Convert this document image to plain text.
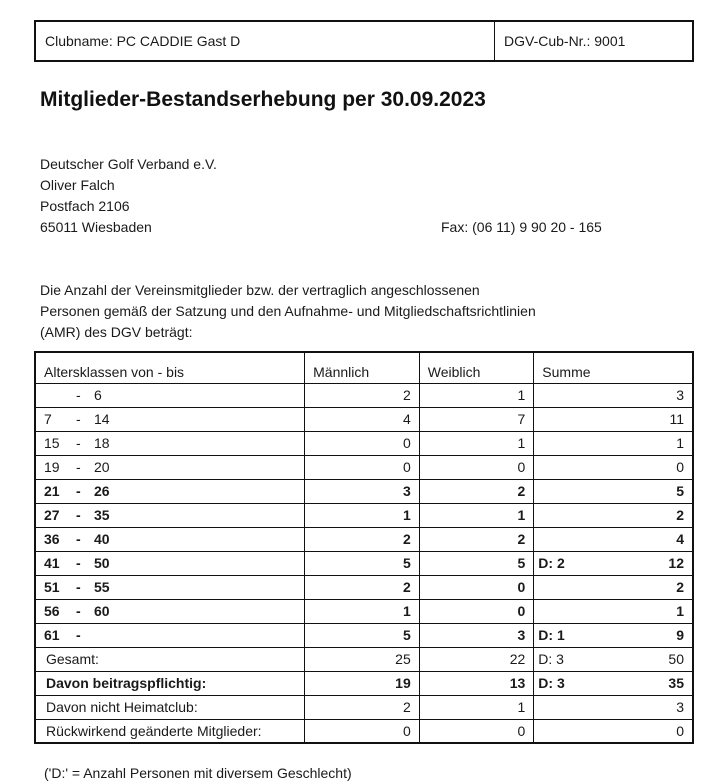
Clubname: PC CADDIE Gast D	DGV-Cub-Nr.: 9001
Mitglieder-Bestandserhebung per 30.09.2023
Deutscher Golf Verband e.V.
Oliver Falch
Postfach 2106
65011 Wiesbaden	Fax: (06 11) 9 90 20 - 165
Die Anzahl der Vereinsmitglieder bzw. der vertraglich angeschlossenen
Personen gemäß der Satzung und den Aufnahme- und Mitgliedschaftsrichtlinien
(AMR) des DGV beträgt:
Altersklassen von - bis	Männlich	Weiblich	Summe
- 6	2	1	3

7 - 14	4	7	11

15 - 18	0	1	1

19 - 20	0	0	0

21 - 26	3	2	5

27 - 35	1	1	2

36 - 40	2	2	4

41 - 50	5	5	D: 2 12

51 - 55	2	0	2

56 - 60	1	0	1

61 -	5	3	D: 1 9

Gesamt:	25	22	D: 3 50

Davon beitragspflichtig:	19	13	D: 3 35

Davon nicht Heimatclub:	2	1	3

Rückwirkend geänderte Mitglieder:	0	0	0
('D:' = Anzahl Personen mit diversem Geschlecht)
